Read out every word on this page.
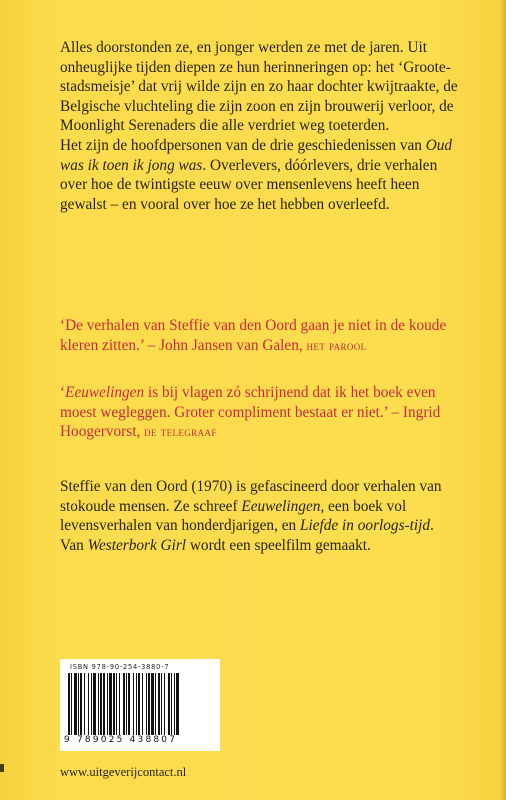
Alles doorstonden ze, en jonger werden ze met de jaren. Uit onheuglijke tijden diepen ze hun herinneringen op: het ‘Groote-stadsmeisje’ dat vrij wilde zijn en zo haar dochter kwijtraakte, de Belgische vluchteling die zijn zoon en zijn brouwerij verloor, de Moonlight Serenaders die alle verdriet weg toeterden.

Het zijn de hoofdpersonen van de drie geschiedenissen van Oud was ik toen ik jong was. Overlevers, dóórlevers, drie verhalen over hoe de twintigste eeuw over mensenlevens heeft heen gewalst – en vooral over hoe ze het hebben overleefd.

‘De verhalen van Steffie van den Oord gaan je niet in de koude kleren zitten.’ – John Jansen van Galen, het parool

‘Eeuwelingen is bij vlagen zó schrijnend dat ik het boek even moest wegleggen. Groter compliment bestaat er niet.’ – Ingrid Hoogervorst, de telegraaf

Steffie van den Oord (1970) is gefascineerd door verhalen van stokoude mensen. Ze schreef Eeuwelingen, een boek vol levensverhalen van honderdjarigen, en Liefde in oorlogs-tijd. Van Westerbork Girl wordt een speelfilm gemaakt.

ISBN 978-90-254-3880-7
9 789025 438807
www.uitgeverijcontact.nl
